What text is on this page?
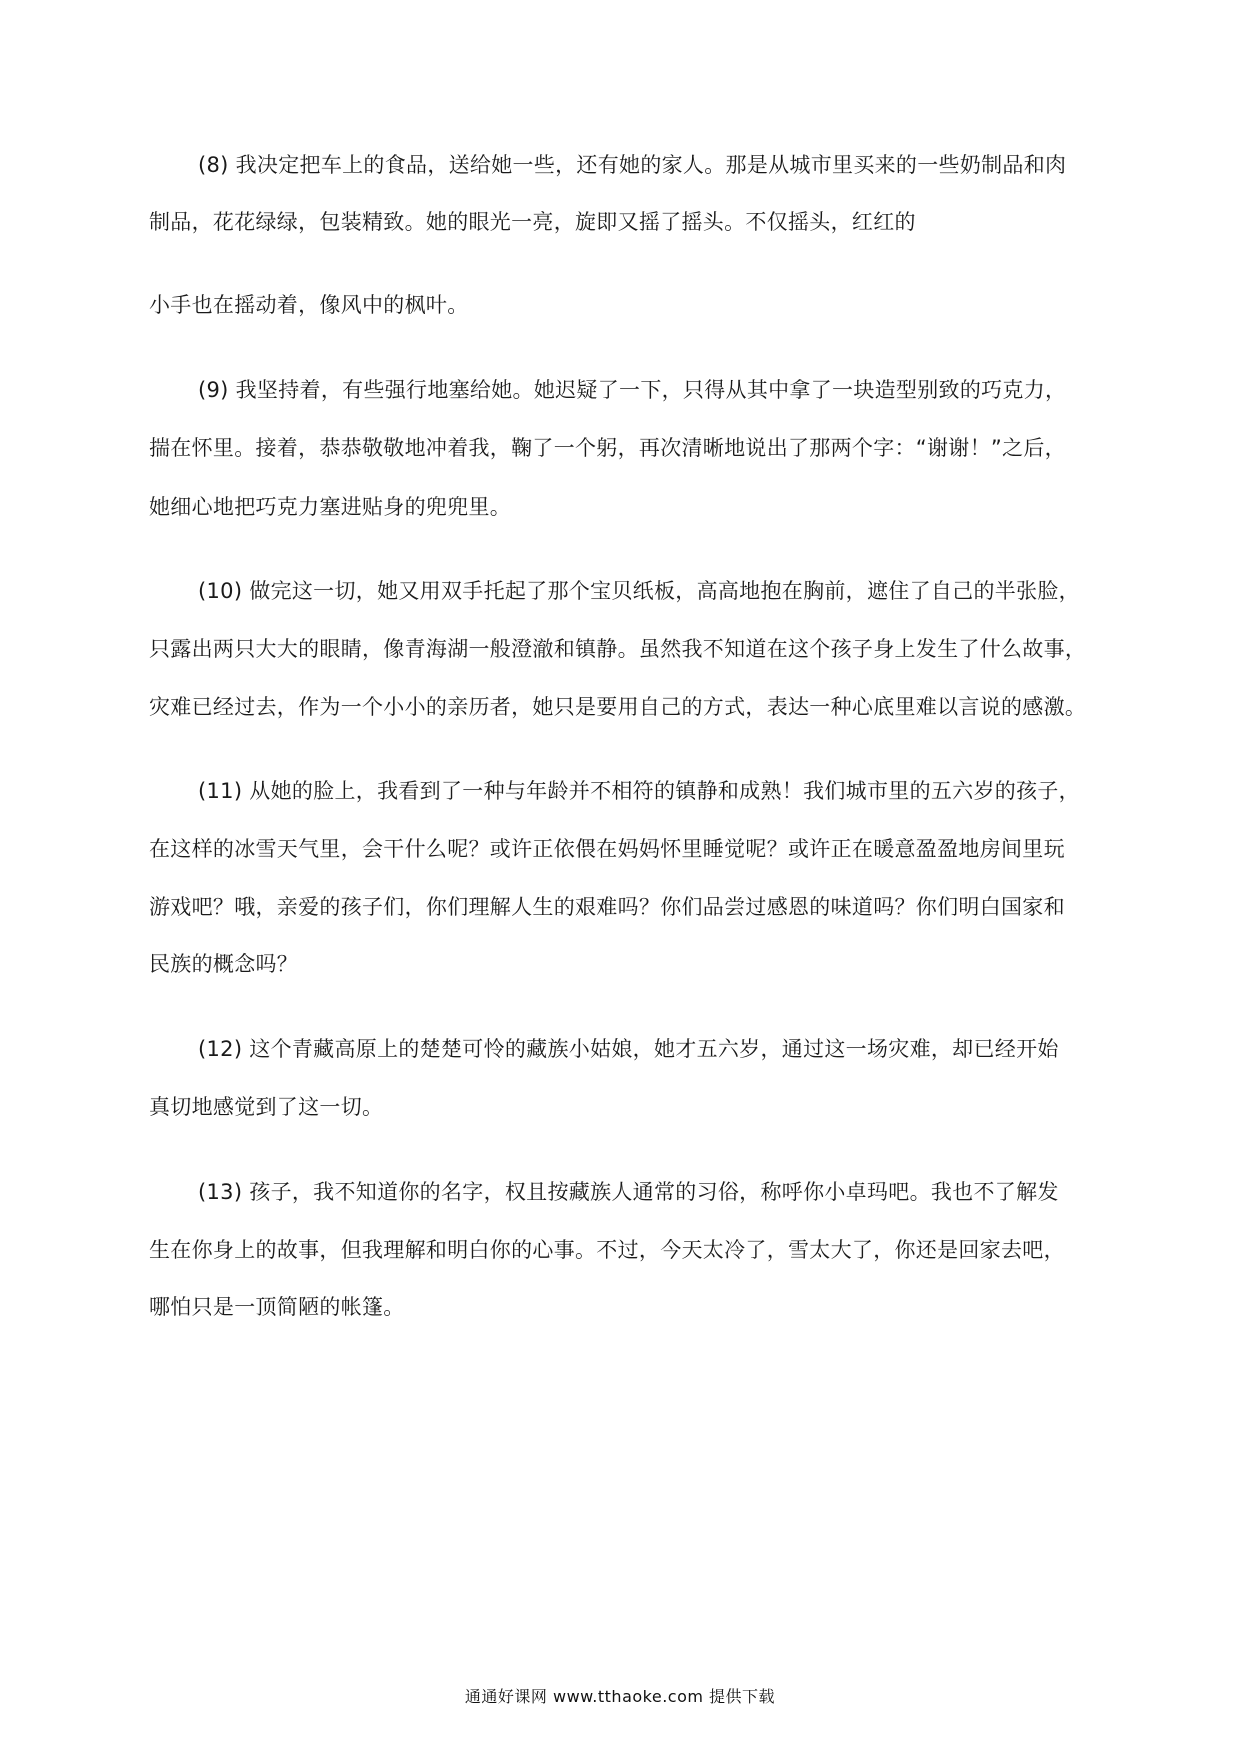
(8) 我决定把车上的食品，送给她一些，还有她的家人。那是从城市里买来的一些奶制品和肉
制品，花花绿绿，包装精致。她的眼光一亮，旋即又摇了摇头。不仅摇头，红红的
小手也在摇动着，像风中的枫叶。
(9) 我坚持着，有些强行地塞给她。她迟疑了一下，只得从其中拿了一块造型别致的巧克力，
揣在怀里。接着，恭恭敬敬地冲着我，鞠了一个躬，再次清晰地说出了那两个字：“谢谢！”之后，
她细心地把巧克力塞进贴身的兜兜里。
(10) 做完这一切，她又用双手托起了那个宝贝纸板，高高地抱在胸前，遮住了自己的半张脸，
只露出两只大大的眼睛，像青海湖一般澄澈和镇静。虽然我不知道在这个孩子身上发生了什么故事，
灾难已经过去，作为一个小小的亲历者，她只是要用自己的方式，表达一种心底里难以言说的感激。
(11) 从她的脸上，我看到了一种与年龄并不相符的镇静和成熟！我们城市里的五六岁的孩子，
在这样的冰雪天气里，会干什么呢？或许正依偎在妈妈怀里睡觉呢？或许正在暖意盈盈地房间里玩
游戏吧？哦，亲爱的孩子们，你们理解人生的艰难吗？你们品尝过感恩的味道吗？你们明白国家和
民族的概念吗？
(12) 这个青藏高原上的楚楚可怜的藏族小姑娘，她才五六岁，通过这一场灾难，却已经开始
真切地感觉到了这一切。
(13) 孩子，我不知道你的名字，权且按藏族人通常的习俗，称呼你小卓玛吧。我也不了解发
生在你身上的故事，但我理解和明白你的心事。不过，今天太冷了，雪太大了，你还是回家去吧，
哪怕只是一顶简陋的帐篷。
通通好课网 www.tthaoke.com 提供下载
